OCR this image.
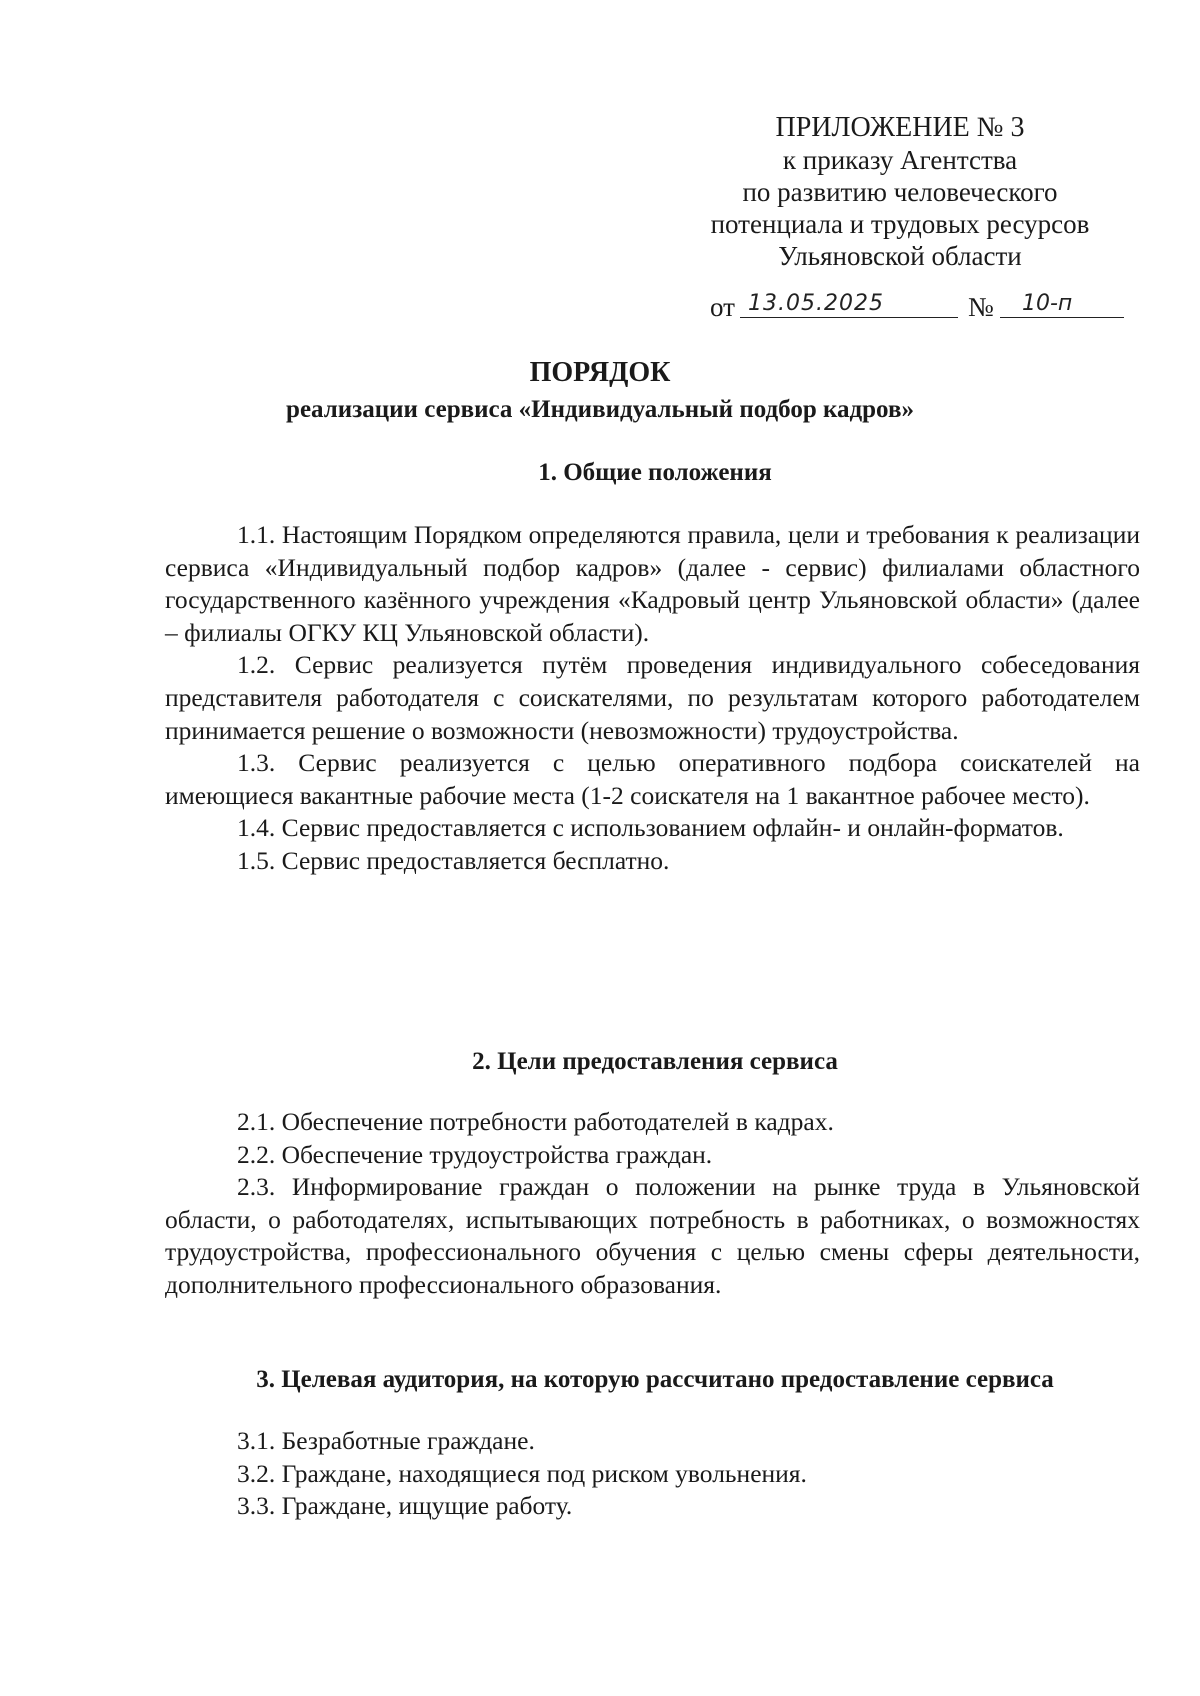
ПРИЛОЖЕНИЕ № 3
к приказу Агентства
по развитию человеческого
потенциала и трудовых ресурсов
Ульяновской области
от 13.05.2025	№	10-п
ПОРЯДОК
реализации сервиса «Индивидуальный подбор кадров»
1. Общие положения

1.1. Настоящим Порядком определяются правила, цели и требования к реализации сервиса «Индивидуальный подбор кадров» (далее - сервис) филиалами областного государственного казённого учреждения «Кадровый центр Ульяновской области» (далее – филиалы ОГКУ КЦ Ульяновской области).

1.2. Сервис реализуется путём проведения индивидуального собеседования представителя работодателя с соискателями, по результатам которого работодателем принимается решение о возможности (невозможности) трудоустройства.

1.3. Сервис реализуется с целью оперативного подбора соискателей на имеющиеся вакантные рабочие места (1-2 соискателя на 1 вакантное рабочее место).

1.4. Сервис предоставляется с использованием офлайн- и онлайн-форматов.

1.5. Сервис предоставляется бесплатно.

2. Цели предоставления сервиса

2.1. Обеспечение потребности работодателей в кадрах.

2.2. Обеспечение трудоустройства граждан.

2.3. Информирование граждан о положении на рынке труда в Ульяновской области, о работодателях, испытывающих потребность в работниках, о возможностях трудоустройства, профессионального обучения с целью смены сферы деятельности, дополнительного профессионального образования.

3. Целевая аудитория, на которую рассчитано предоставление сервиса

3.1. Безработные граждане.

3.2. Граждане, находящиеся под риском увольнения.

3.3. Граждане, ищущие работу.
